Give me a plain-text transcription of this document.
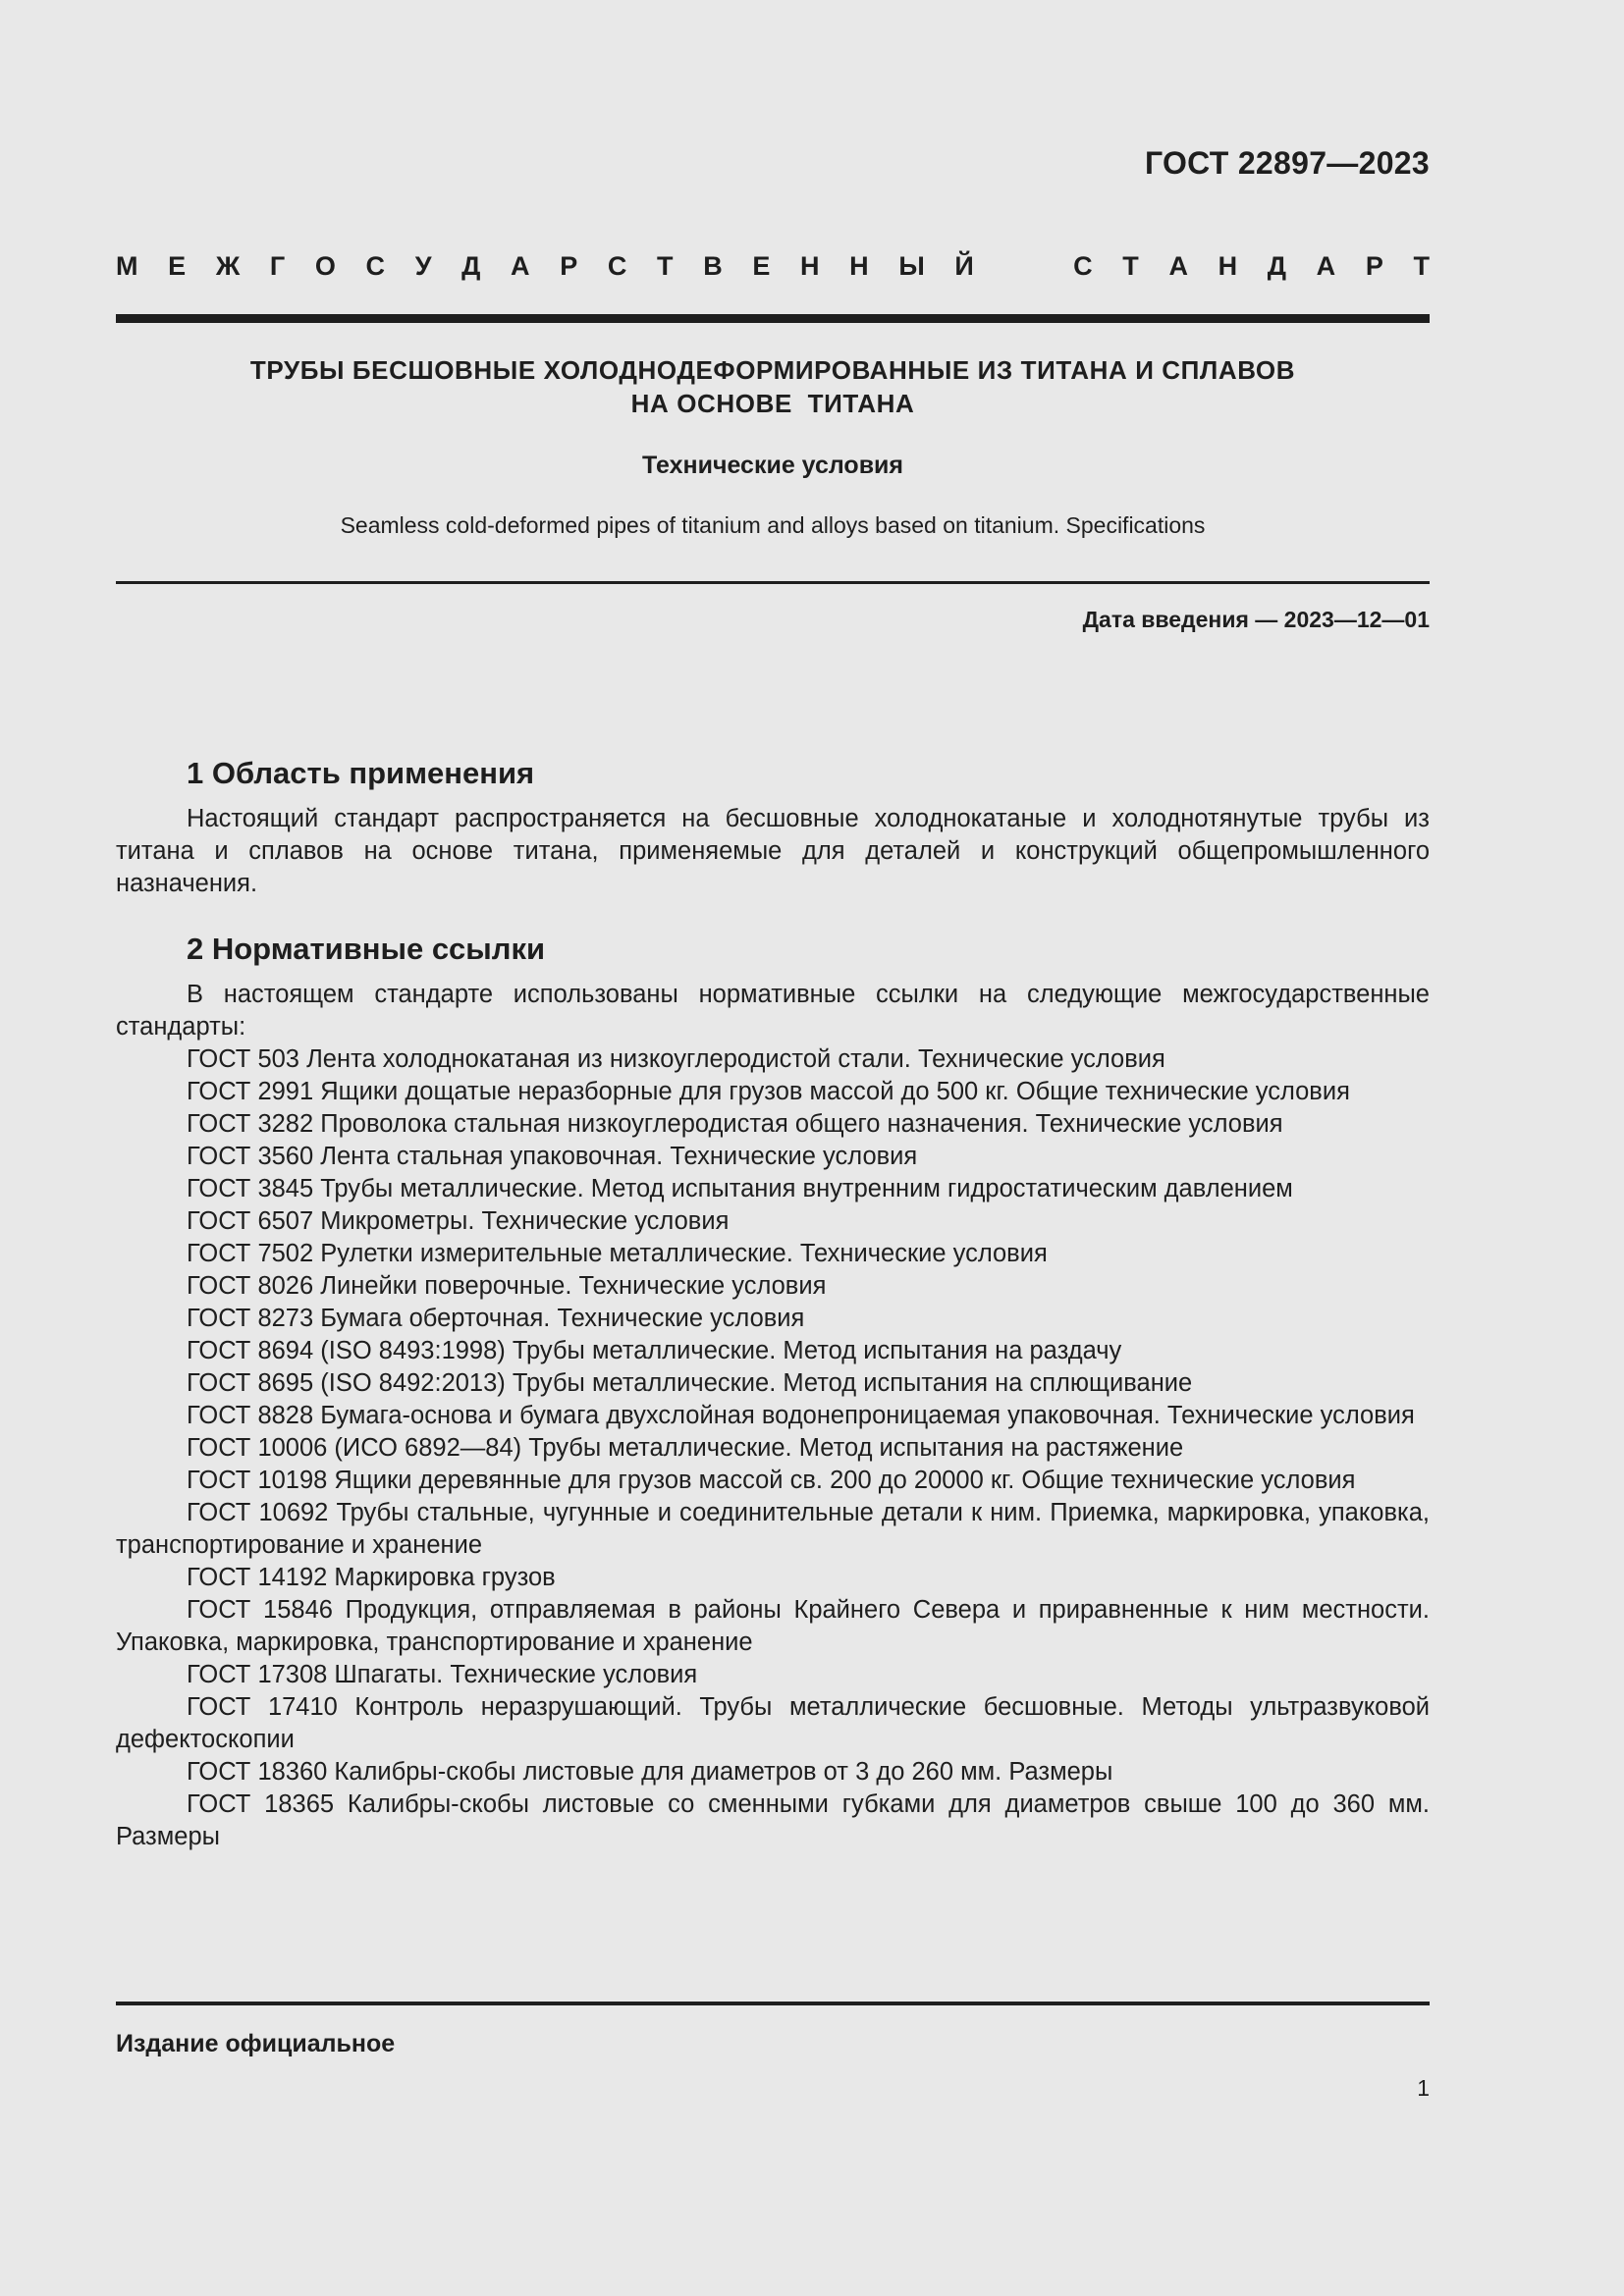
ГОСТ 22897—2023
М Е Ж Г О С У Д А Р С Т В Е Н Н Ы Й	С Т А Н Д А Р Т
ТРУБЫ БЕСШОВНЫЕ ХОЛОДНОДЕФОРМИРОВАННЫЕ ИЗ ТИТАНА И СПЛАВОВ
НА ОСНОВЕ  ТИТАНА
Технические условия
Seamless cold-deformed pipes of titanium and alloys based on titanium. Specifications
Дата введения — 2023—12—01
1 Область применения

Настоящий стандарт распространяется на бесшовные холоднокатаные и холоднотянутые трубы из титана и сплавов на основе титана, применяемые для деталей и конструкций общепромышленного назначения.

2 Нормативные ссылки

В настоящем стандарте использованы нормативные ссылки на следующие межгосударственные стандарты:

ГОСТ 503 Лента холоднокатаная из низкоуглеродистой стали. Технические условия

ГОСТ 2991 Ящики дощатые неразборные для грузов массой до 500 кг. Общие технические условия

ГОСТ 3282 Проволока стальная низкоуглеродистая общего назначения. Технические условия

ГОСТ 3560 Лента стальная упаковочная. Технические условия

ГОСТ 3845 Трубы металлические. Метод испытания внутренним гидростатическим давлением

ГОСТ 6507 Микрометры. Технические условия

ГОСТ 7502 Рулетки измерительные металлические. Технические условия

ГОСТ 8026 Линейки поверочные. Технические условия

ГОСТ 8273 Бумага оберточная. Технические условия

ГОСТ 8694 (ISO 8493:1998) Трубы металлические. Метод испытания на раздачу

ГОСТ 8695 (ISO 8492:2013) Трубы металлические. Метод испытания на сплющивание

ГОСТ 8828 Бумага-основа и бумага двухслойная водонепроницаемая упаковочная. Технические условия

ГОСТ 10006 (ИСО 6892—84) Трубы металлические. Метод испытания на растяжение

ГОСТ 10198 Ящики деревянные для грузов массой св. 200 до 20000 кг. Общие технические условия

ГОСТ 10692 Трубы стальные, чугунные и соединительные детали к ним. Приемка, маркировка, упаковка, транспортирование и хранение

ГОСТ 14192 Маркировка грузов

ГОСТ 15846 Продукция, отправляемая в районы Крайнего Севера и приравненные к ним местности. Упаковка, маркировка, транспортирование и хранение

ГОСТ 17308 Шпагаты. Технические условия

ГОСТ 17410 Контроль неразрушающий. Трубы металлические бесшовные. Методы ультразвуковой дефектоскопии

ГОСТ 18360 Калибры-скобы листовые для диаметров от 3 до 260 мм. Размеры

ГОСТ 18365 Калибры-скобы листовые со сменными губками для диаметров свыше 100 до 360 мм. Размеры

Издание официальное
1
